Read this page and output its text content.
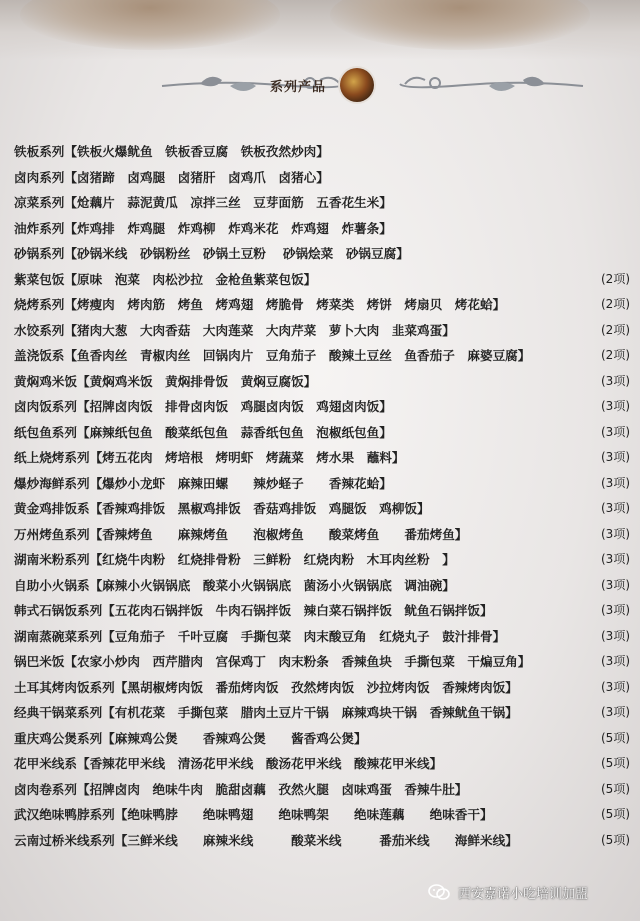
系列产品
铁板系列【铁板火爆鱿鱼　铁板香豆腐　铁板孜然炒肉】
卤肉系列【卤猪蹄　卤鸡腿　卤猪肝　卤鸡爪　卤猪心】
凉菜系列【炝藕片　蒜泥黄瓜　凉拌三丝　豆芽面筋　五香花生米】
油炸系列【炸鸡排　炸鸡腿　炸鸡柳　炸鸡米花　炸鸡翅　炸薯条】
砂锅系列【砂锅米线　砂锅粉丝　砂锅土豆粉　 砂锅烩菜　砂锅豆腐】
紫菜包饭【原味　泡菜　肉松沙拉　金枪鱼紫菜包饭】	(2项)
烧烤系列【烤瘦肉　烤肉筋　烤鱼　烤鸡翅　烤脆骨　烤菜类　烤饼　烤扇贝　烤花蛤】	(2项)
水饺系列【猪肉大葱　大肉香菇　大肉莲菜　大肉芹菜　萝卜大肉　韭菜鸡蛋】	(2项)
盖浇饭系【鱼香肉丝　青椒肉丝　回锅肉片　豆角茄子　酸辣土豆丝　鱼香茄子　麻婆豆腐】	(2项)
黄焖鸡米饭【黄焖鸡米饭　黄焖排骨饭　黄焖豆腐饭】	(3项)
卤肉饭系列【招牌卤肉饭　排骨卤肉饭　鸡腿卤肉饭　鸡翅卤肉饭】	(3项)
纸包鱼系列【麻辣纸包鱼　酸菜纸包鱼　蒜香纸包鱼　泡椒纸包鱼】	(3项)
纸上烧烤系列【烤五花肉　烤培根　烤明虾　烤蔬菜　烤水果　蘸料】	(3项)
爆炒海鲜系列【爆炒小龙虾　麻辣田螺　　辣炒蛏子　　香辣花蛤】	(3项)
黄金鸡排饭系【香辣鸡排饭　黑椒鸡排饭　香菇鸡排饭　鸡腿饭　鸡柳饭】	(3项)
万州烤鱼系列【香辣烤鱼　　麻辣烤鱼　　泡椒烤鱼　　酸菜烤鱼　　番茄烤鱼】	(3项)
湖南米粉系列【红烧牛肉粉　红烧排骨粉　三鲜粉　红烧肉粉　木耳肉丝粉　】	(3项)
自助小火锅系【麻辣小火锅锅底　酸菜小火锅锅底　菌汤小火锅锅底　调油碗】	(3项)
韩式石锅饭系列【五花肉石锅拌饭　牛肉石锅拌饭　辣白菜石锅拌饭　鱿鱼石锅拌饭】	(3项)
湖南蒸碗菜系列【豆角茄子　千叶豆腐　手撕包菜　肉末酸豆角　红烧丸子　鼓汁排骨】	(3项)
锅巴米饭【农家小炒肉　西芹腊肉　宫保鸡丁　肉末粉条　香辣鱼块　手撕包菜　干煸豆角】	(3项)
土耳其烤肉饭系列【黑胡椒烤肉饭　番茄烤肉饭　孜然烤肉饭　沙拉烤肉饭　香辣烤肉饭】	(3项)
经典干锅菜系列【有机花菜　手撕包菜　腊肉土豆片干锅　麻辣鸡块干锅　香辣鱿鱼干锅】	(3项)
重庆鸡公煲系列【麻辣鸡公煲　　香辣鸡公煲　　酱香鸡公煲】	(5项)
花甲米线系【香辣花甲米线　清汤花甲米线　酸汤花甲米线　酸辣花甲米线】	(5项)
卤肉卷系列【招牌卤肉　绝味牛肉　脆甜卤藕　孜然火腿　卤味鸡蛋　香辣牛肚】	(5项)
武汉绝味鸭脖系列【绝味鸭脖　　绝味鸭翅　　绝味鸭架　　绝味莲藕　　绝味香干】	(5项)
云南过桥米线系列【三鲜米线　　麻辣米线　　　酸菜米线　　　番茄米线　　海鲜米线】	(5项)
西安嘉诺小吃培训加盟
